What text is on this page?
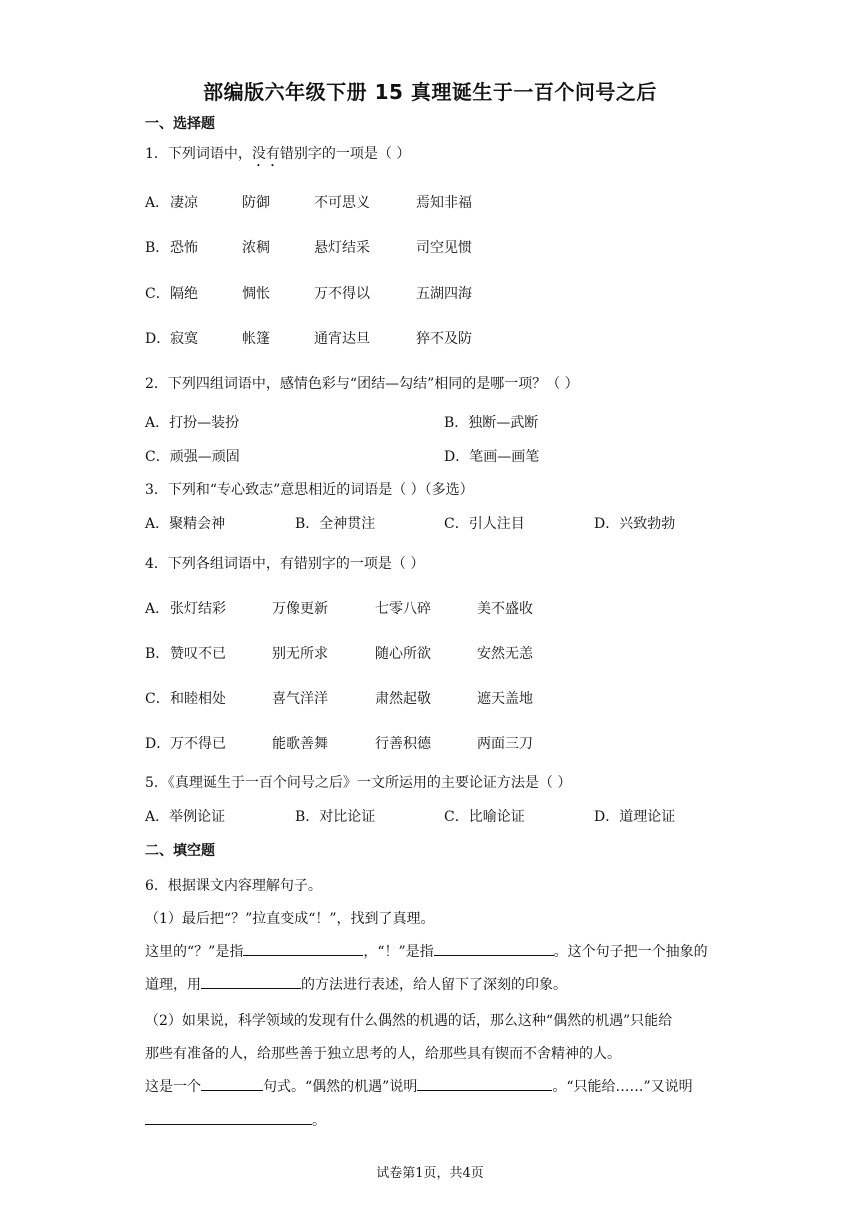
部编版六年级下册 15 真理诞生于一百个问号之后
一、选择题
1．下列词语中，没有错别字的一项是（ ）
A． 凄凉	防御	不可思义	焉知非福
B． 恐怖	浓稠	悬灯结采	司空见惯
C． 隔绝	惆怅	万不得以	五湖四海
D． 寂寞	帐篷	通宵达旦	猝不及防
2．下列四组词语中，感情色彩与“团结—勾结”相同的是哪一项？（ ）
A．打扮—装扮	B．独断—武断
C．顽强—顽固	D．笔画—画笔
3．下列和“专心致志”意思相近的词语是（ ）（多选）
A．聚精会神	B．全神贯注	C．引人注目	D．兴致勃勃
4．下列各组词语中，有错别字的一项是（ ）
A． 张灯结彩	万像更新	七零八碎	美不盛收
B． 赞叹不已	别无所求	随心所欲	安然无恙
C． 和睦相处	喜气洋洋	肃然起敬	遮天盖地
D． 万不得已	能歌善舞	行善积德	两面三刀
5．《真理诞生于一百个问号之后》一文所运用的主要论证方法是（ ）
A．举例论证	B．对比论证	C．比喻论证	D．道理论证
二、填空题
6．根据课文内容理解句子。
（1）最后把“？”拉直变成“！”，找到了真理。
这里的“？”是指	，“！”是指	。这个句子把一个抽象的
道理，用	的方法进行表述，给人留下了深刻的印象。
（2）如果说，科学领域的发现有什么偶然的机遇的话，那么这种“偶然的机遇”只能给
那些有准备的人，给那些善于独立思考的人，给那些具有锲而不舍精神的人。
这是一个	句式。“偶然的机遇”说明	。“只能给……”又说明
。
试卷第1页，共4页
